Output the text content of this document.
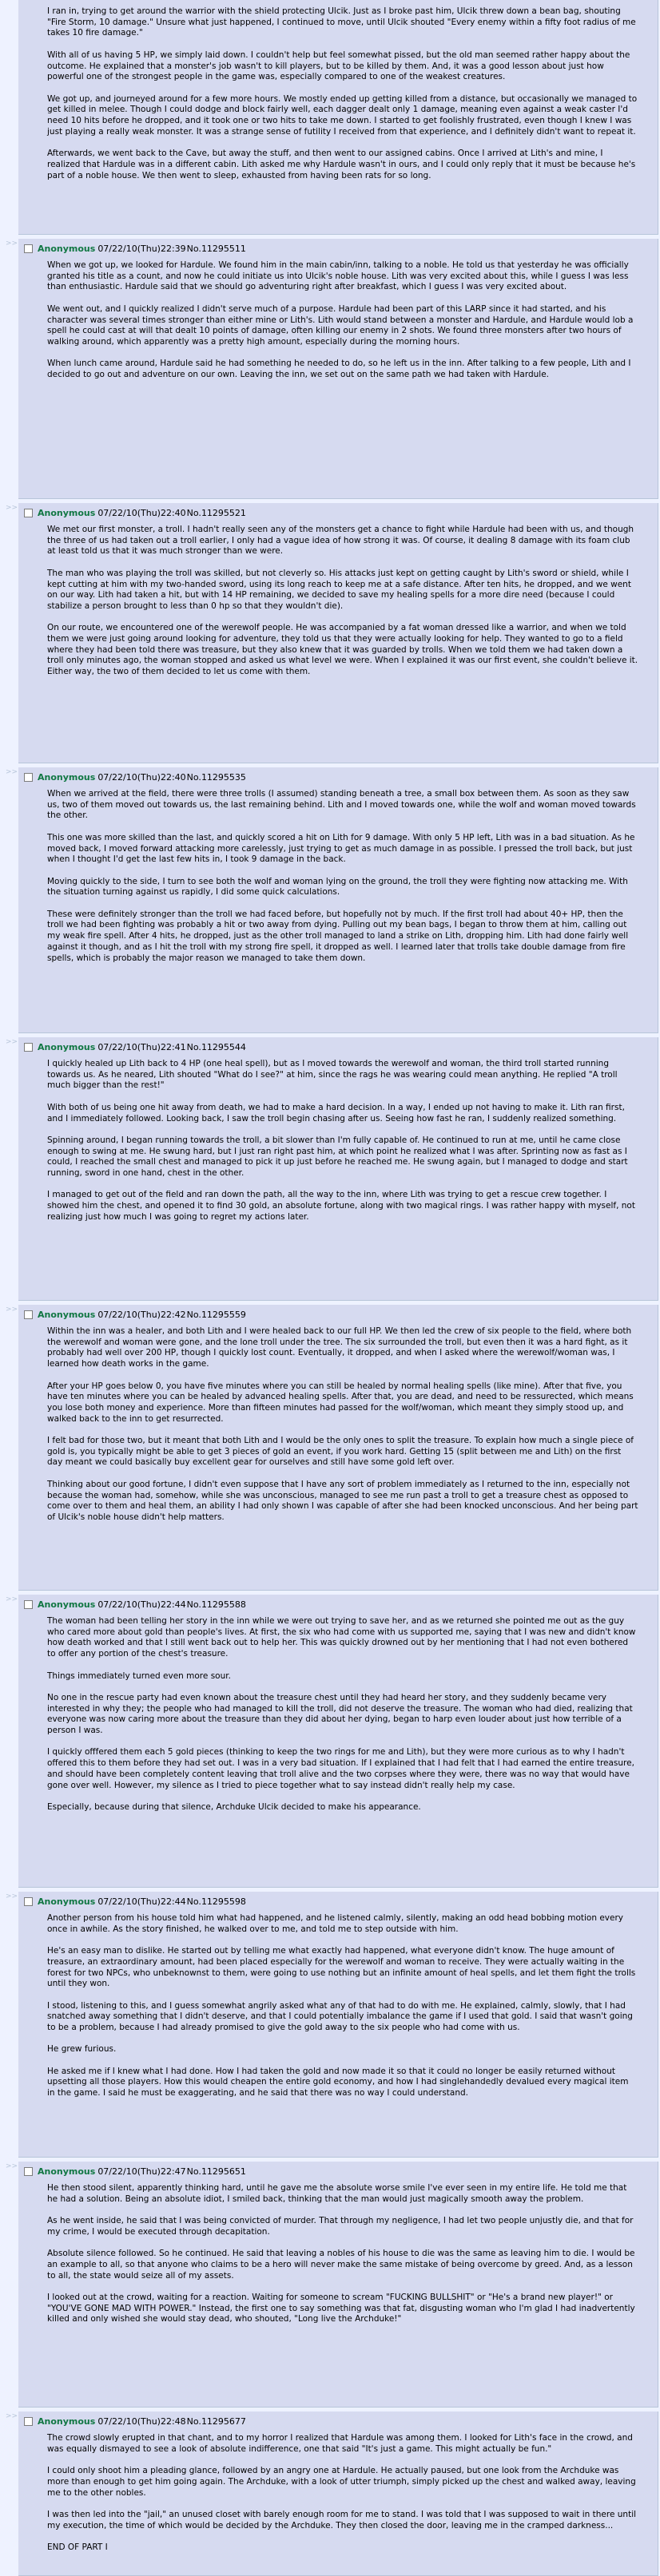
I ran in, trying to get around the warrior with the shield protecting Ulcik. Just as I broke past him, Ulcik threw down a bean bag, shouting "Fire Storm, 10 damage." Unsure what just happened, I continued to move, until Ulcik shouted "Every enemy within a fifty foot radius of me takes 10 fire damage."

With all of us having 5 HP, we simply laid down. I couldn't help but feel somewhat pissed, but the old man seemed rather happy about the outcome. He explained that a monster's job wasn't to kill players, but to be killed by them. And, it was a good lesson about just how powerful one of the strongest people in the game was, especially compared to one of the weakest creatures.

We got up, and journeyed around for a few more hours. We mostly ended up getting killed from a distance, but occasionally we managed to get killed in melee. Though I could dodge and block fairly well, each dagger dealt only 1 damage, meaning even against a weak caster I'd need 10 hits before he dropped, and it took one or two hits to take me down. I started to get foolishly frustrated, even though I knew I was just playing a really weak monster. It was a strange sense of futility I received from that experience, and I definitely didn't want to repeat it.

Afterwards, we went back to the Cave, but away the stuff, and then went to our assigned cabins. Once I arrived at Lith's and mine, I realized that Hardule was in a different cabin. Lith asked me why Hardule wasn't in ours, and I could only reply that it must be because he's part of a noble house. We then went to sleep, exhausted from having been rats for so long.

>>	Anonymous 07/22/10(Thu)22:39No.11295511

When we got up, we looked for Hardule. We found him in the main cabin/inn, talking to a noble. He told us that yesterday he was officially granted his title as a count, and now he could initiate us into Ulcik's noble house. Lith was very excited about this, while I guess I was less than enthusiastic. Hardule said that we should go adventuring right after breakfast, which I guess I was very excited about.

We went out, and I quickly realized I didn't serve much of a purpose. Hardule had been part of this LARP since it had started, and his character was several times stronger than either mine or Lith's. Lith would stand between a monster and Hardule, and Hardule would lob a spell he could cast at will that dealt 10 points of damage, often killing our enemy in 2 shots. We found three monsters after two hours of walking around, which apparently was a pretty high amount, especially during the morning hours.

When lunch came around, Hardule said he had something he needed to do, so he left us in the inn. After talking to a few people, Lith and I decided to go out and adventure on our own. Leaving the inn, we set out on the same path we had taken with Hardule.

>>	Anonymous 07/22/10(Thu)22:40No.11295521

We met our first monster, a troll. I hadn't really seen any of the monsters get a chance to fight while Hardule had been with us, and though the three of us had taken out a troll earlier, I only had a vague idea of how strong it was. Of course, it dealing 8 damage with its foam club at least told us that it was much stronger than we were.

The man who was playing the troll was skilled, but not cleverly so. His attacks just kept on getting caught by Lith's sword or shield, while I kept cutting at him with my two-handed sword, using its long reach to keep me at a safe distance. After ten hits, he dropped, and we went on our way. Lith had taken a hit, but with 14 HP remaining, we decided to save my healing spells for a more dire need (because I could stabilize a person brought to less than 0 hp so that they wouldn't die).

On our route, we encountered one of the werewolf people. He was accompanied by a fat woman dressed like a warrior, and when we told them we were just going around looking for adventure, they told us that they were actually looking for help. They wanted to go to a field where they had been told there was treasure, but they also knew that it was guarded by trolls. When we told them we had taken down a troll only minutes ago, the woman stopped and asked us what level we were. When I explained it was our first event, she couldn't believe it. Either way, the two of them decided to let us come with them.

>>	Anonymous 07/22/10(Thu)22:40No.11295535

When we arrived at the field, there were three trolls (I assumed) standing beneath a tree, a small box between them. As soon as they saw us, two of them moved out towards us, the last remaining behind. Lith and I moved towards one, while the wolf and woman moved towards the other.

This one was more skilled than the last, and quickly scored a hit on Lith for 9 damage. With only 5 HP left, Lith was in a bad situation. As he moved back, I moved forward attacking more carelessly, just trying to get as much damage in as possible. I pressed the troll back, but just when I thought I'd get the last few hits in, I took 9 damage in the back.

Moving quickly to the side, I turn to see both the wolf and woman lying on the ground, the troll they were fighting now attacking me. With the situation turning against us rapidly, I did some quick calculations.

These were definitely stronger than the troll we had faced before, but hopefully not by much. If the first troll had about 40+ HP, then the troll we had been fighting was probably a hit or two away from dying. Pulling out my bean bags, I began to throw them at him, calling out my weak fire spell. After 4 hits, he dropped, just as the other troll managed to land a strike on Lith, dropping him. Lith had done fairly well against it though, and as I hit the troll with my strong fire spell, it dropped as well. I learned later that trolls take double damage from fire spells, which is probably the major reason we managed to take them down.

>>	Anonymous 07/22/10(Thu)22:41No.11295544

I quickly healed up Lith back to 4 HP (one heal spell), but as I moved towards the werewolf and woman, the third troll started running towards us. As he neared, Lith shouted "What do I see?" at him, since the rags he was wearing could mean anything. He replied "A troll much bigger than the rest!"

With both of us being one hit away from death, we had to make a hard decision. In a way, I ended up not having to make it. Lith ran first, and I immediately followed. Looking back, I saw the troll begin chasing after us. Seeing how fast he ran, I suddenly realized something.

Spinning around, I began running towards the troll, a bit slower than I'm fully capable of. He continued to run at me, until he came close enough to swing at me. He swung hard, but I just ran right past him, at which point he realized what I was after. Sprinting now as fast as I could, I reached the small chest and managed to pick it up just before he reached me. He swung again, but I managed to dodge and start running, sword in one hand, chest in the other.

I managed to get out of the field and ran down the path, all the way to the inn, where Lith was trying to get a rescue crew together. I showed him the chest, and opened it to find 30 gold, an absolute fortune, along with two magical rings. I was rather happy with myself, not realizing just how much I was going to regret my actions later.

>>	Anonymous 07/22/10(Thu)22:42No.11295559

Within the inn was a healer, and both Lith and I were healed back to our full HP. We then led the crew of six people to the field, where both the werewolf and woman were gone, and the lone troll under the tree. The six surrounded the troll, but even then it was a hard fight, as it probably had well over 200 HP, though I quickly lost count. Eventually, it dropped, and when I asked where the werewolf/woman was, I learned how death works in the game.

After your HP goes below 0, you have five minutes where you can still be healed by normal healing spells (like mine). After that five, you have ten minutes where you can be healed by advanced healing spells. After that, you are dead, and need to be ressurected, which means you lose both money and experience. More than fifteen minutes had passed for the wolf/woman, which meant they simply stood up, and walked back to the inn to get resurrected.

I felt bad for those two, but it meant that both Lith and I would be the only ones to split the treasure. To explain how much a single piece of gold is, you typically might be able to get 3 pieces of gold an event, if you work hard. Getting 15 (split between me and Lith) on the first day meant we could basically buy excellent gear for ourselves and still have some gold left over.

Thinking about our good fortune, I didn't even suppose that I have any sort of problem immediately as I returned to the inn, especially not because the woman had, somehow, while she was unconscious, managed to see me run past a troll to get a treasure chest as opposed to come over to them and heal them, an ability I had only shown I was capable of after she had been knocked unconscious. And her being part of Ulcik's noble house didn't help matters.

>>	Anonymous 07/22/10(Thu)22:44No.11295588

The woman had been telling her story in the inn while we were out trying to save her, and as we returned she pointed me out as the guy who cared more about gold than people's lives. At first, the six who had come with us supported me, saying that I was new and didn't know how death worked and that I still went back out to help her. This was quickly drowned out by her mentioning that I had not even bothered to offer any portion of the chest's treasure.

Things immediately turned even more sour.

No one in the rescue party had even known about the treasure chest until they had heard her story, and they suddenly became very interested in why they; the people who had managed to kill the troll, did not deserve the treasure. The woman who had died, realizing that everyone was now caring more about the treasure than they did about her dying, began to harp even louder about just how terrible of a person I was.

I quickly offfered them each 5 gold pieces (thinking to keep the two rings for me and Lith), but they were more curious as to why I hadn't offered this to them before they had set out. I was in a very bad situation. If I explained that I had felt that I had earned the entire treasure, and should have been completely content leaving that troll alive and the two corpses where they were, there was no way that would have gone over well. However, my silence as I tried to piece together what to say instead didn't really help my case.

Especially, because during that silence, Archduke Ulcik decided to make his appearance.

>>	Anonymous 07/22/10(Thu)22:44No.11295598

Another person from his house told him what had happened, and he listened calmly, silently, making an odd head bobbing motion every once in awhile. As the story finished, he walked over to me, and told me to step outside with him.

He's an easy man to dislike. He started out by telling me what exactly had happened, what everyone didn't know. The huge amount of treasure, an extraordinary amount, had been placed especially for the werewolf and woman to receive. They were actually waiting in the forest for two NPCs, who unbeknownst to them, were going to use nothing but an infinite amount of heal spells, and let them fight the trolls until they won.

I stood, listening to this, and I guess somewhat angrily asked what any of that had to do with me. He explained, calmly, slowly, that I had snatched away something that I didn't deserve, and that I could potentially imbalance the game if I used that gold. I said that wasn't going to be a problem, because I had already promised to give the gold away to the six people who had come with us.

He grew furious.

He asked me if I knew what I had done. How I had taken the gold and now made it so that it could no longer be easily returned without upsetting all those players. How this would cheapen the entire gold economy, and how I had singlehandedly devalued every magical item in the game. I said he must be exaggerating, and he said that there was no way I could understand.

>>	Anonymous 07/22/10(Thu)22:47No.11295651

He then stood silent, apparently thinking hard, until he gave me the absolute worse smile I've ever seen in my entire life. He told me that he had a solution. Being an absolute idiot, I smiled back, thinking that the man would just magically smooth away the problem.

As he went inside, he said that I was being convicted of murder. That through my negligence, I had let two people unjustly die, and that for my crime, I would be executed through decapitation.

Absolute silence followed. So he continued. He said that leaving a nobles of his house to die was the same as leaving him to die. I would be an example to all, so that anyone who claims to be a hero will never make the same mistake of being overcome by greed. And, as a lesson to all, the state would seize all of my assets.

I looked out at the crowd, waiting for a reaction. Waiting for someone to scream "FUCKING BULLSHIT" or "He's a brand new player!" or "YOU'VE GONE MAD WITH POWER." Instead, the first one to say something was that fat, disgusting woman who I'm glad I had inadvertently killed and only wished she would stay dead, who shouted, "Long live the Archduke!"

>>	Anonymous 07/22/10(Thu)22:48No.11295677

The crowd slowly erupted in that chant, and to my horror I realized that Hardule was among them. I looked for Lith's face in the crowd, and was equally dismayed to see a look of absolute indifference, one that said "It's just a game. This might actually be fun."

I could only shoot him a pleading glance, followed by an angry one at Hardule. He actually paused, but one look from the Archduke was more than enough to get him going again. The Archduke, with a look of utter triumph, simply picked up the chest and walked away, leaving me to the other nobles.

I was then led into the "jail," an unused closet with barely enough room for me to stand. I was told that I was supposed to wait in there until my execution, the time of which would be decided by the Archduke. They then closed the door, leaving me in the cramped darkness...

END OF PART I
